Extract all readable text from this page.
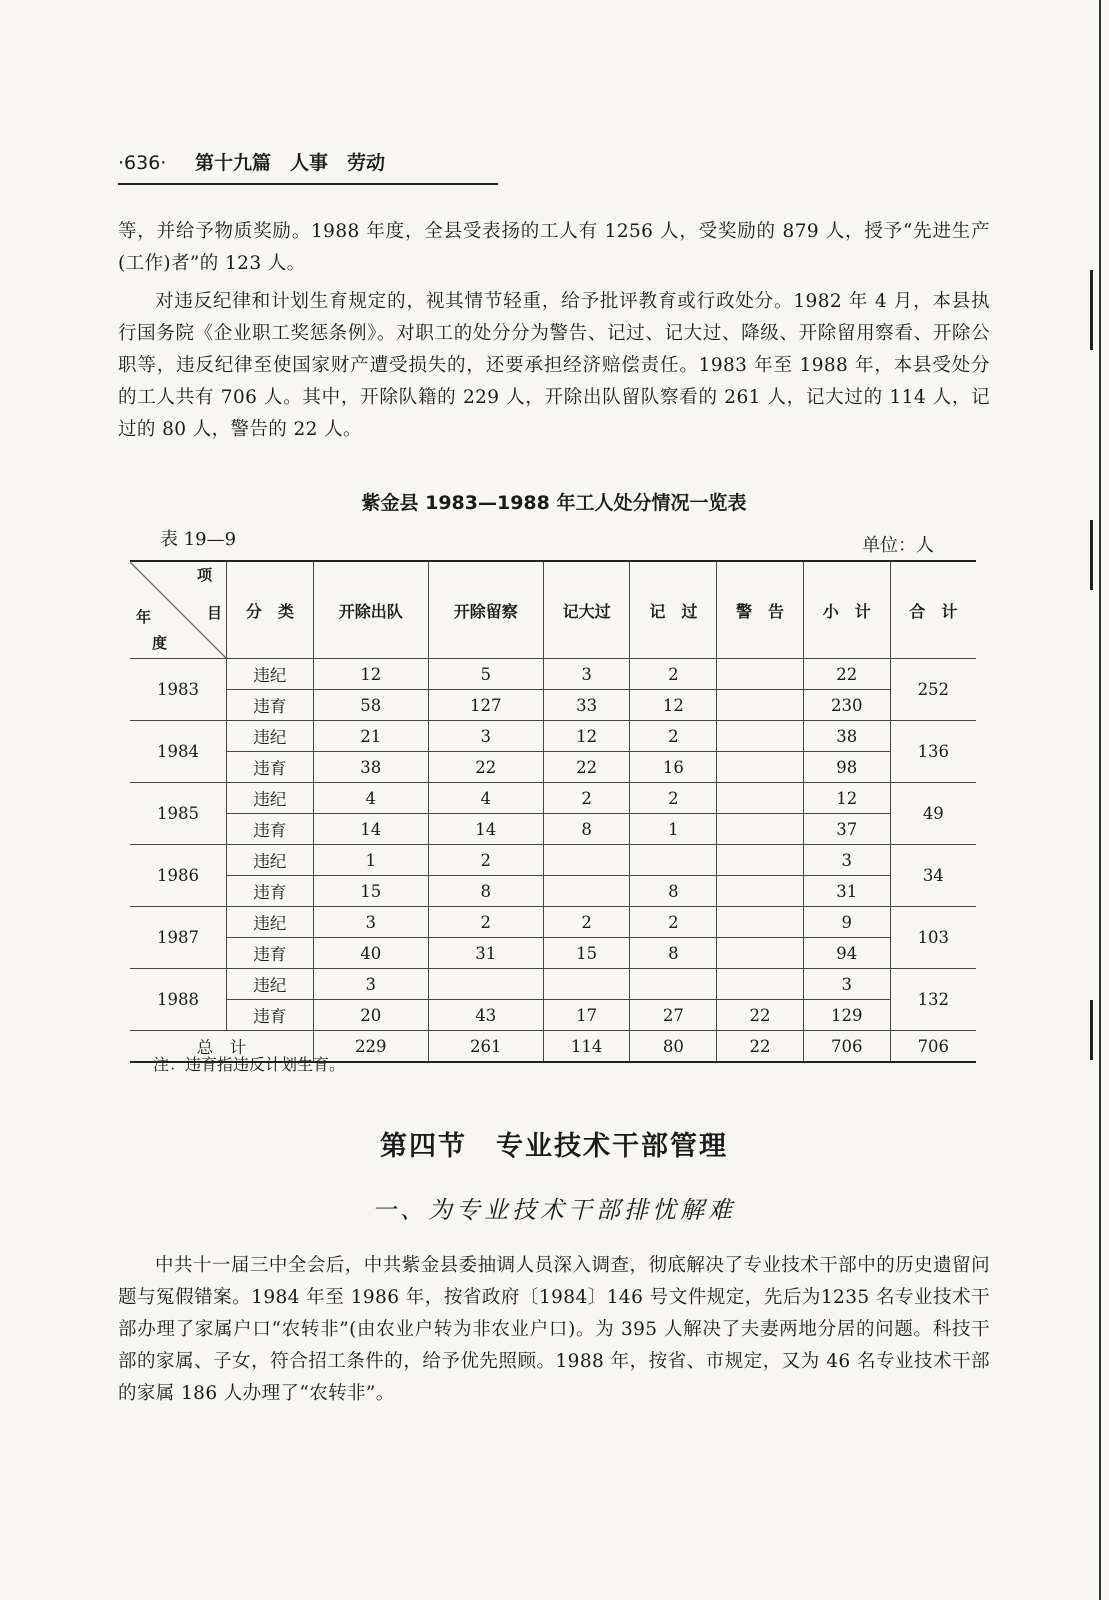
·636· 第十九篇　人事　劳动
等，并给予物质奖励。1988 年度，全县受表扬的工人有 1256 人，受奖励的 879 人，授予“先进生产(工作)者”的 123 人。
对违反纪律和计划生育规定的，视其情节轻重，给予批评教育或行政处分。1982 年 4 月，本县执行国务院《企业职工奖惩条例》。对职工的处分分为警告、记过、记大过、降级、开除留用察看、开除公职等，违反纪律至使国家财产遭受损失的，还要承担经济赔偿责任。1983 年至 1988 年，本县受处分的工人共有 706 人。其中，开除队籍的 229 人，开除出队留队察看的 261 人，记大过的 114 人，记过的 80 人，警告的 22 人。
紫金县 1983—1988 年工人处分情况一览表
表 19—9	单位：人
项
目
年
度	分　类	开除出队	开除留察	记大过	记　过	警　告	小　计	合　计
1983	违纪	12	5	3	2		22	252
	违育	58	127	33	12		230	
1984	违纪	21	3	12	2		38	136
	违育	38	22	22	16		98	
1985	违纪	4	4	2	2		12	49
	违育	14	14	8	1		37	
1986	违纪	1	2				3	34
	违育	15	8		8		31	
1987	违纪	3	2	2	2		9	103
	违育	40	31	15	8		94	
1988	违纪	3					3	132
	违育	20	43	17	27	22	129	
总　计		229	261	114	80	22	706	706
注：违育指违反计划生育。
第四节　专业技术干部管理
一、为专业技术干部排忧解难
中共十一届三中全会后，中共紫金县委抽调人员深入调查，彻底解决了专业技术干部中的历史遗留问题与冤假错案。1984 年至 1986 年，按省政府〔1984〕146 号文件规定，先后为1235 名专业技术干部办理了家属户口“农转非”(由农业户转为非农业户口)。为 395 人解决了夫妻两地分居的问题。科技干部的家属、子女，符合招工条件的，给予优先照顾。1988 年，按省、市规定，又为 46 名专业技术干部的家属 186 人办理了“农转非”。
